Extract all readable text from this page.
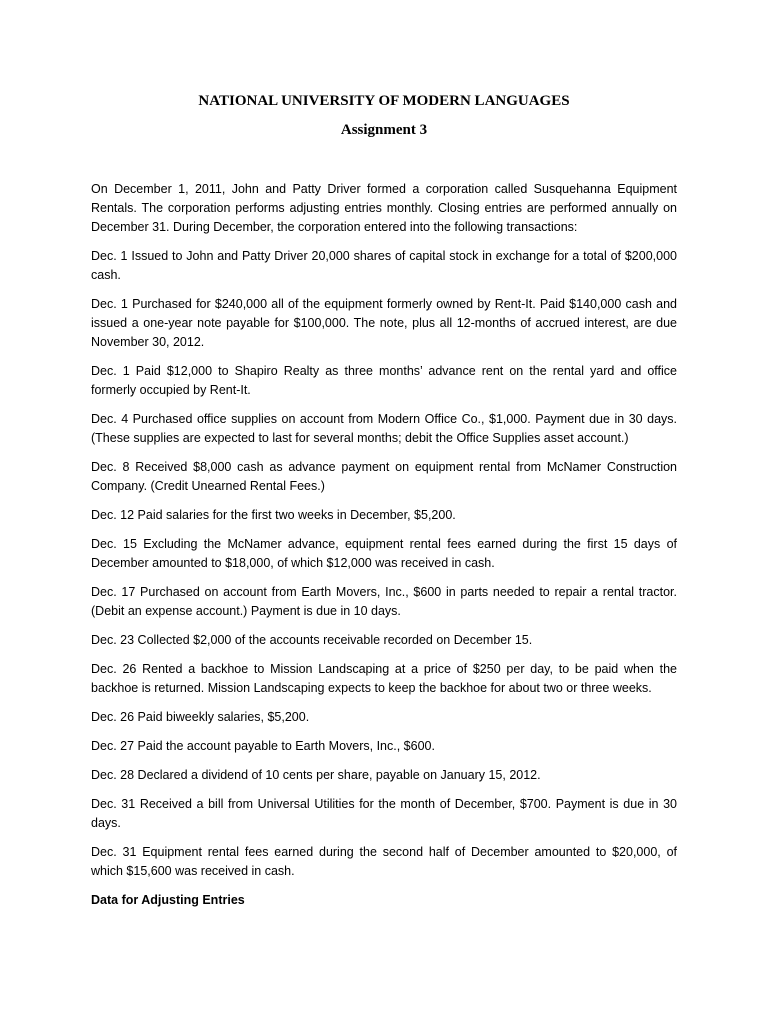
NATIONAL UNIVERSITY OF MODERN LANGUAGES
Assignment 3

On December 1, 2011, John and Patty Driver formed a corporation called Susquehanna Equipment Rentals. The corporation performs adjusting entries monthly. Closing entries are performed annually on December 31. During December, the corporation entered into the following transactions:

Dec. 1 Issued to John and Patty Driver 20,000 shares of capital stock in exchange for a total of $200,000 cash.

Dec. 1 Purchased for $240,000 all of the equipment formerly owned by Rent-It. Paid $140,000 cash and issued a one-year note payable for $100,000. The note, plus all 12-months of accrued interest, are due November 30, 2012.

Dec. 1 Paid $12,000 to Shapiro Realty as three months’ advance rent on the rental yard and office formerly occupied by Rent-It.

Dec. 4 Purchased office supplies on account from Modern Office Co., $1,000. Payment due in 30 days. (These supplies are expected to last for several months; debit the Office Supplies asset account.)

Dec. 8 Received $8,000 cash as advance payment on equipment rental from McNamer Construction Company. (Credit Unearned Rental Fees.)

Dec. 12 Paid salaries for the first two weeks in December, $5,200.

Dec. 15 Excluding the McNamer advance, equipment rental fees earned during the first 15 days of December amounted to $18,000, of which $12,000 was received in cash.

Dec. 17 Purchased on account from Earth Movers, Inc., $600 in parts needed to repair a rental tractor. (Debit an expense account.) Payment is due in 10 days.

Dec. 23 Collected $2,000 of the accounts receivable recorded on December 15.

Dec. 26 Rented a backhoe to Mission Landscaping at a price of $250 per day, to be paid when the backhoe is returned. Mission Landscaping expects to keep the backhoe for about two or three weeks.

Dec. 26 Paid biweekly salaries, $5,200.

Dec. 27 Paid the account payable to Earth Movers, Inc., $600.

Dec. 28 Declared a dividend of 10 cents per share, payable on January 15, 2012.

Dec. 31 Received a bill from Universal Utilities for the month of December, $700. Payment is due in 30 days.

Dec. 31 Equipment rental fees earned during the second half of December amounted to $20,000, of which $15,600 was received in cash.

Data for Adjusting Entries
